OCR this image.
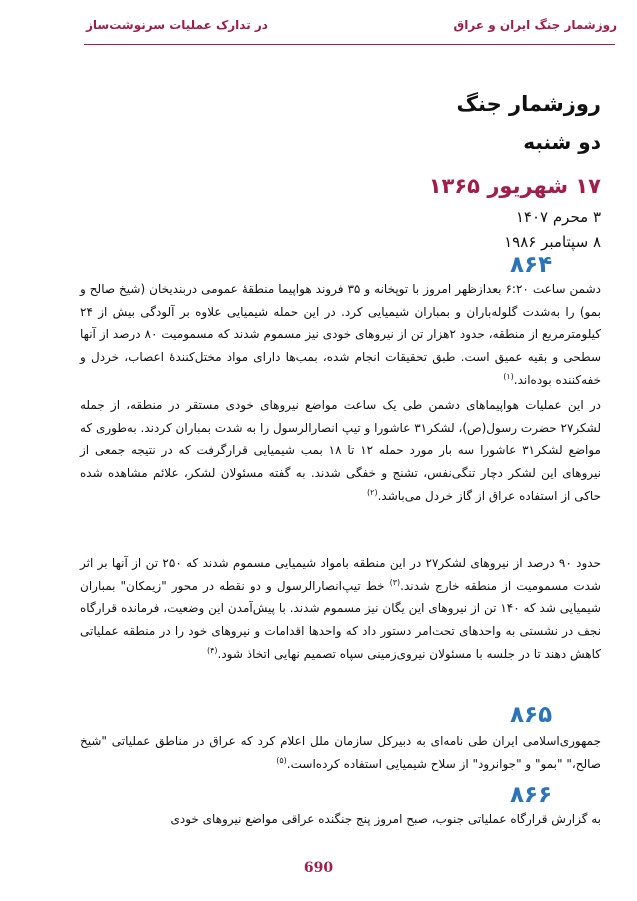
روزشمار جنگ ایران و عراق
در تدارک عملیات سرنوشت‌ساز
روزشمار جنگ
دو شنبه
۱۷ شهریور ۱۳۶۵
۳ محرم ۱۴۰۷
۸ سپتامبر ۱۹۸۶
۸۶۴
دشمن ساعت ۶:۲۰ بعدازظهر امروز با توپخانه و ۳۵ فروند هواپیما منطقهٔ عمومی دربندیخان (شیخ صالح و بمو) را به‌شدت گلوله‌باران و بمباران شیمیایی کرد. در این حمله شیمیایی علاوه بر آلودگی بیش از ۲۴ کیلومترمربع از منطقه، حدود ۲هزار تن از نیروهای خودی نیز مسموم شدند که مسمومیت ۸۰ درصد از آنها سطحی و بقیه عمیق است. طبق تحقیقات انجام شده، بمب‌ها دارای مواد مختل‌کنندهٔ اعصاب، خردل و خفه‌کننده بوده‌اند.$^{(۱)}$
در این عملیات هواپیماهای دشمن طی یک ساعت مواضع نیروهای خودی مستقر در منطقه، از جمله لشکر۲۷ حضرت رسول(ص)، لشکر۳۱ عاشورا و تیپ انصارالرسول را به شدت بمباران کردند. به‌طوری که مواضع لشکر۳۱ عاشورا سه بار مورد حمله ۱۲ تا ۱۸ بمب شیمیایی قرارگرفت که در نتیجه جمعی از نیروهای این لشکر دچار تنگی‌نفس، تشنج و خفگی شدند. به گفته مسئولان لشکر، علائم مشاهده شده حاکی از استفاده عراق از گاز خردل می‌باشد.$^{(۲)}$
حدود ۹۰ درصد از نیروهای لشکر۲۷ در این منطقه بامواد شیمیایی مسموم شدند که ۲۵۰ تن از آنها بر اثر شدت مسمومیت از منطقه خارج شدند.$^{(۳)}$ خط تیپ‌انصارالرسول و دو نقطه در محور "زیمکان" بمباران شیمیایی شد که ۱۴۰ تن از نیروهای این یگان نیز مسموم شدند. با پیش‌آمدن این وضعیت، فرمانده قرارگاه نجف در نشستی به واحدهای تحت‌امر دستور داد که واحدها اقدامات و نیروهای خود را در منطقه عملیاتی کاهش دهند تا در جلسه با مسئولان نیروی‌زمینی سپاه تصمیم نهایی اتخاذ شود.$^{(۴)}$
۸۶۵
جمهوری‌اسلامی ایران طی نامه‌ای به دبیرکل سازمان ملل اعلام کرد که عراق در مناطق عملیاتی "شیخ صالح،" "بمو" و "جوانرود" از سلاح شیمیایی استفاده کرده‌است.$^{(۵)}$
۸۶۶
به گزارش قرارگاه عملیاتی جنوب، صبح امروز پنج جنگنده عراقی مواضع نیروهای خودی
690
